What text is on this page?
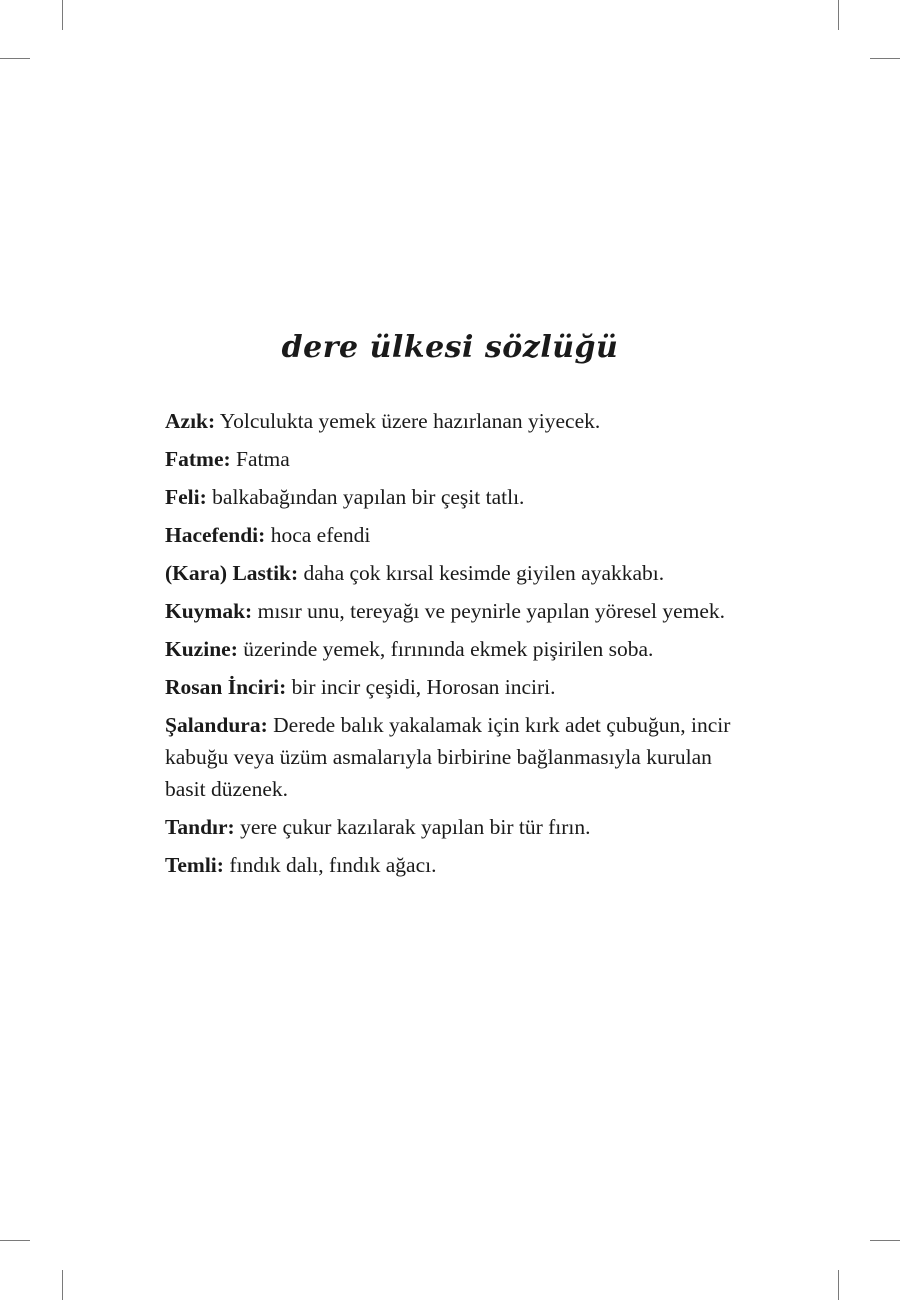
dere ülkesi sözlüğü

Azık: Yolculukta yemek üzere hazırlanan yiyecek.

Fatme: Fatma

Feli: balkabağından yapılan bir çeşit tatlı.

Hacefendi: hoca efendi

(Kara) Lastik: daha çok kırsal kesimde giyilen ayakkabı.

Kuymak: mısır unu, tereyağı ve peynirle yapılan yöresel yemek.

Kuzine: üzerinde yemek, fırınında ekmek pişirilen soba.

Rosan İnciri: bir incir çeşidi, Horosan inciri.

Şalandura: Derede balık yakalamak için kırk adet çubuğun, incir kabuğu veya üzüm asmalarıyla birbirine bağlanmasıyla kurulan basit düzenek.

Tandır: yere çukur kazılarak yapılan bir tür fırın.

Temli: fındık dalı, fındık ağacı.
